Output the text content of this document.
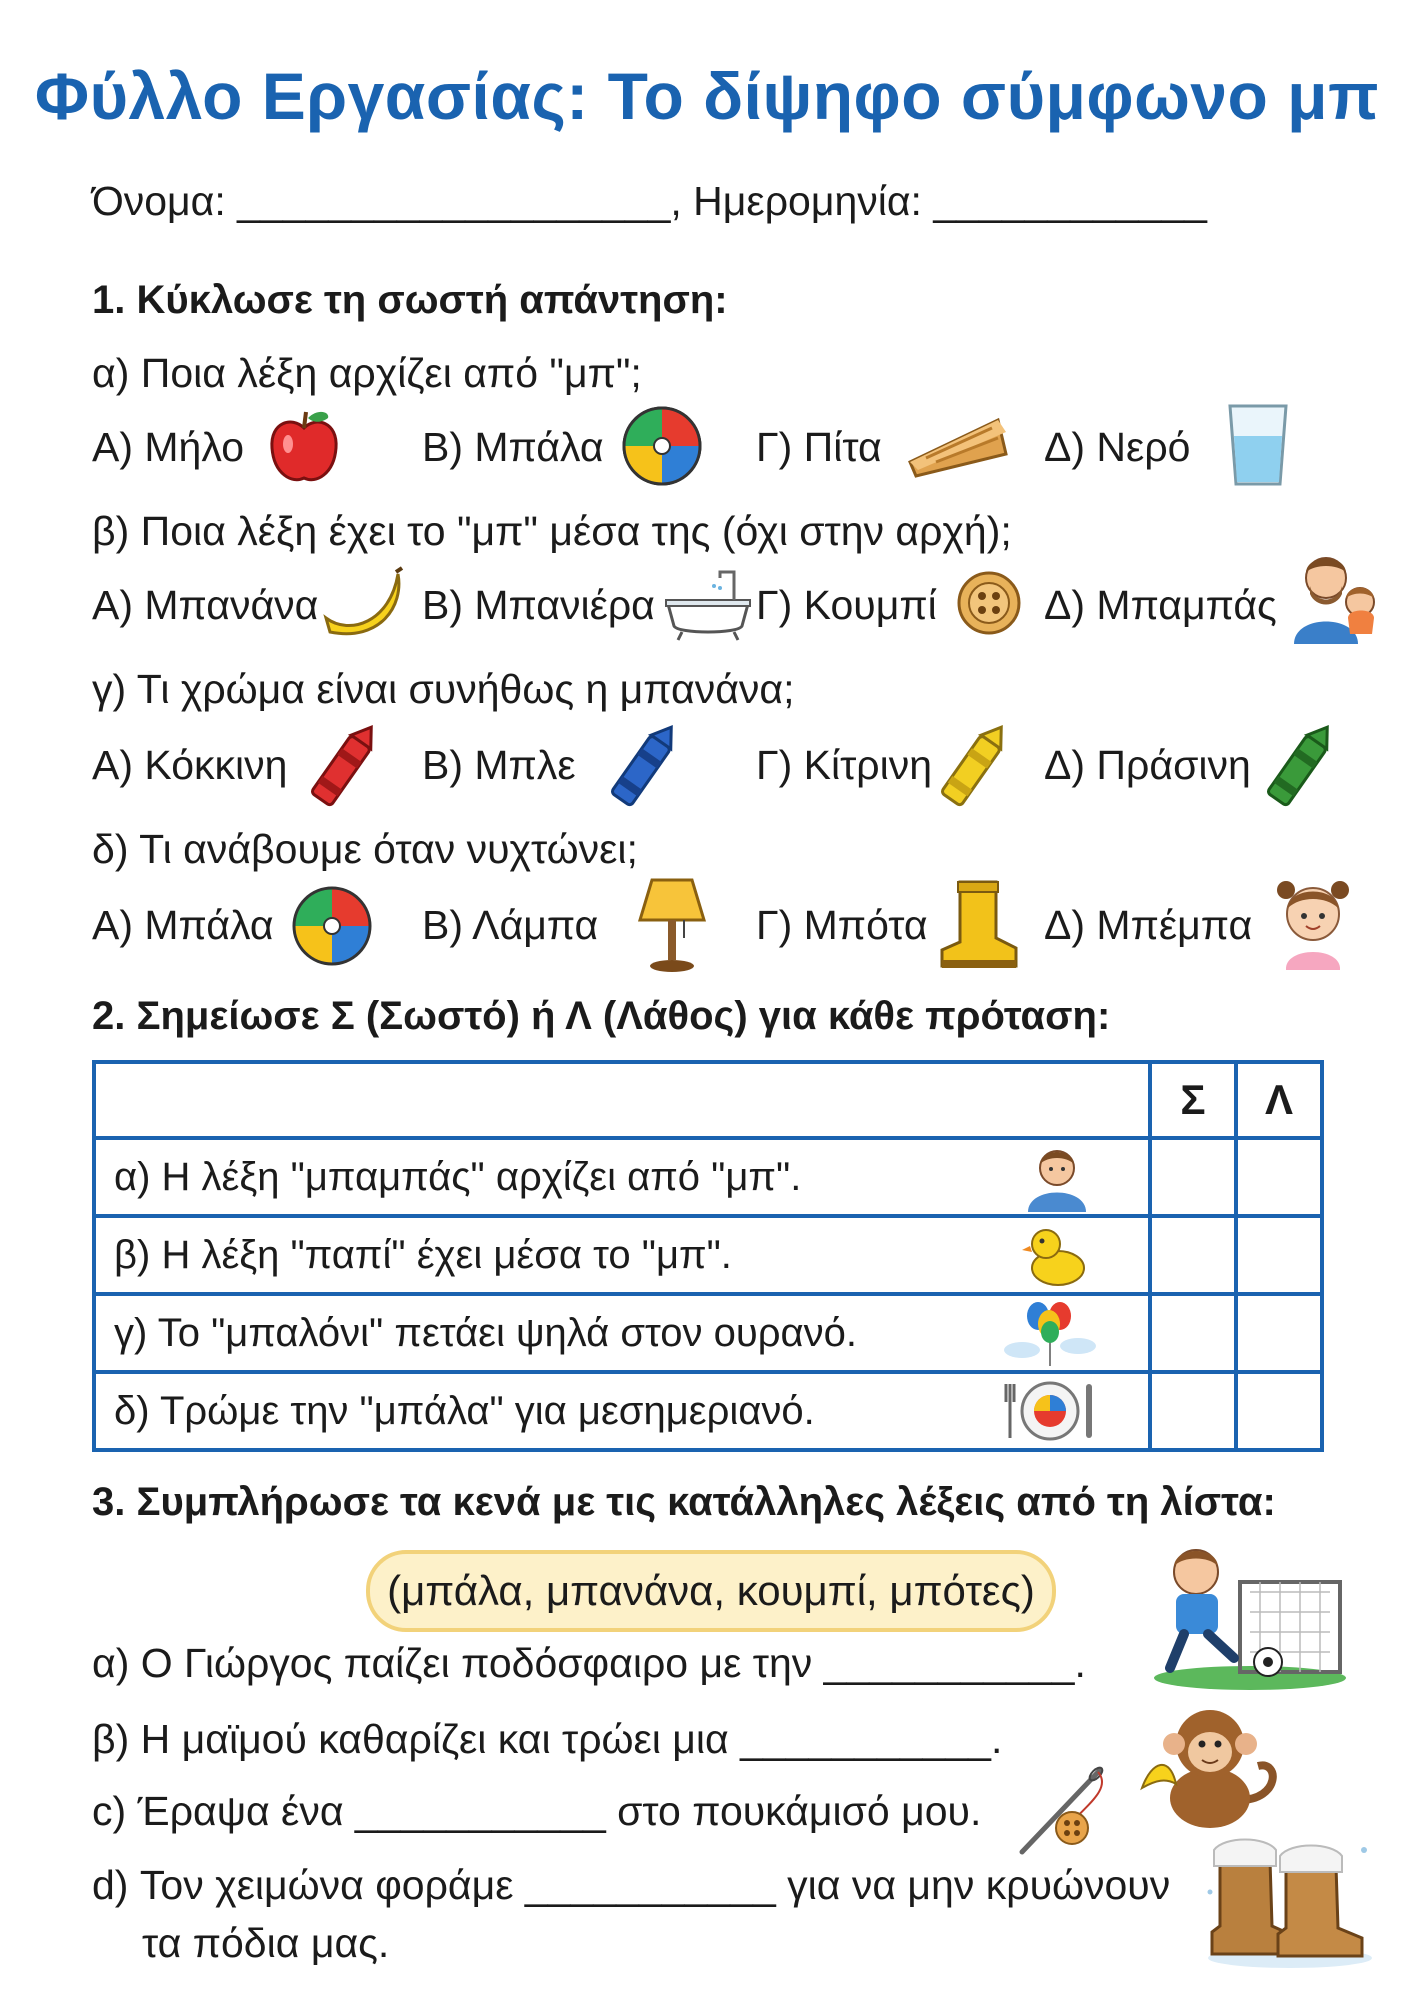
Φύλλο Εργασίας: Το δίψηφο σύμφωνο μπ
Όνομα: ___________________, Ημερομηνία: ____________
1. Κύκλωσε τη σωστή απάντηση:
α) Ποια λέξη αρχίζει από "μπ";
Α) Μήλο	Β) Μπάλα	Γ) Πίτα	Δ) Νερό
β) Ποια λέξη έχει το "μπ" μέσα της (όχι στην αρχή);
Α) Μπανάνα	Β) Μπανιέρα Γ) Κουμπί	Δ) Μπαμπάς
γ) Τι χρώμα είναι συνήθως η μπανάνα;
Α) Κόκκινη	Β) Μπλε	Γ) Κίτρινη	Δ) Πράσινη
δ) Τι ανάβουμε όταν νυχτώνει;
Α) Μπάλα	Β) Λάμπα	Γ) Μπότα	Δ) Μπέμπα
2. Σημείωσε Σ (Σωστό) ή Λ (Λάθος) για κάθε πρόταση:
	Σ	Λ
α) Η λέξη "μπαμπάς" αρχίζει από "μπ".

β) Η λέξη "παπί" έχει μέσα το "μπ".

γ) Το "μπαλόνι" πετάει ψηλά στον ουρανό.

δ) Τρώμε την "μπάλα" για μεσημεριανό.

3. Συμπλήρωσε τα κενά με τις κατάλληλες λέξεις από τη λίστα:
(μπάλα, μπανάνα, κουμπί, μπότες)
α) Ο Γιώργος παίζει ποδόσφαιρο με την ___________.
β) Η μαϊμού καθαρίζει και τρώει μια ___________.
c) Έραψα ένα ___________ στο πουκάμισό μου.
d) Τον χειμώνα φοράμε ___________ για να μην κρυώνουν
τα πόδια μας.
